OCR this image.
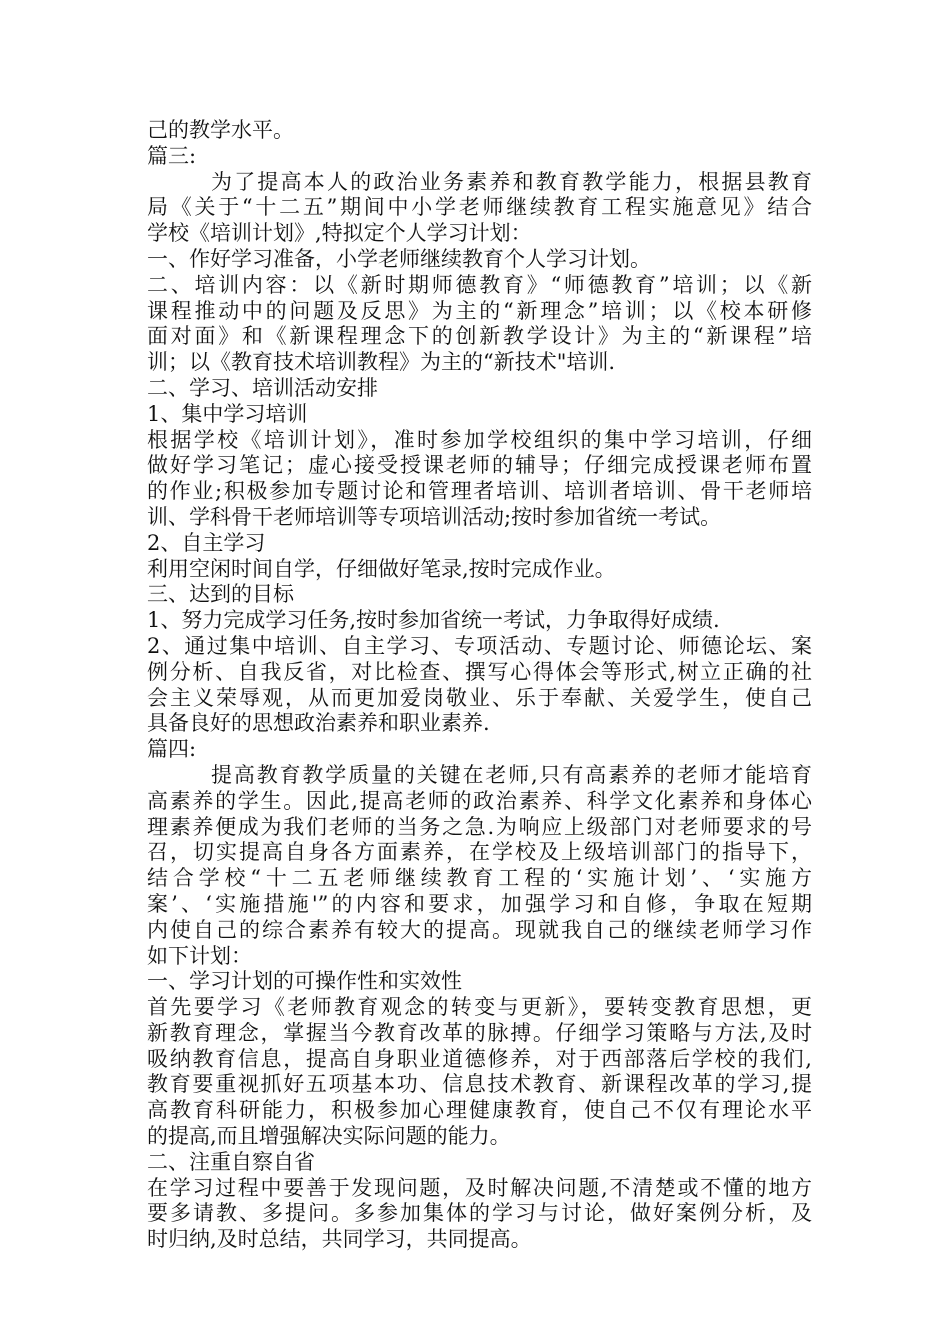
己的教学水平。
篇三:
为了提高本人的政治业务素养和教育教学能力，根据县教育
局《关于“十二五”期间中小学老师继续教育工程实施意见》结合
学校《培训计划》,特拟定个人学习计划：
一、作好学习准备，小学老师继续教育个人学习计划。
二、培训内容：以《新时期师德教育》“师德教育”培训；以《新
课程推动中的问题及反思》为主的“新理念”培训；以《校本研修
面对面》和《新课程理念下的创新教学设计》为主的“新课程”培
训；以《教育技术培训教程》为主的“新技术"培训.
二、学习、培训活动安排
1、集中学习培训
根据学校《培训计划》，准时参加学校组织的集中学习培训，仔细
做好学习笔记；虚心接受授课老师的辅导；仔细完成授课老师布置
的作业;积极参加专题讨论和管理者培训、培训者培训、骨干老师培
训、学科骨干老师培训等专项培训活动;按时参加省统一考试。
2、自主学习
利用空闲时间自学，仔细做好笔录,按时完成作业。
三、达到的目标
1、努力完成学习任务,按时参加省统一考试，力争取得好成绩.
2、通过集中培训、自主学习、专项活动、专题讨论、师德论坛、案
例分析、自我反省，对比检查、撰写心得体会等形式,树立正确的社
会主义荣辱观，从而更加爱岗敬业、乐于奉献、关爱学生，使自己
具备良好的思想政治素养和职业素养.
篇四:
提高教育教学质量的关键在老师,只有高素养的老师才能培育
高素养的学生。因此,提高老师的政治素养、科学文化素养和身体心
理素养便成为我们老师的当务之急.为响应上级部门对老师要求的号
召，切实提高自身各方面素养，在学校及上级培训部门的指导下，
结合学校“十二五老师继续教育工程的‘实施计划’、‘实施方
案’、‘实施措施'”的内容和要求，加强学习和自修，争取在短期
内使自己的综合素养有较大的提高。现就我自己的继续老师学习作
如下计划：
一、学习计划的可操作性和实效性
首先要学习《老师教育观念的转变与更新》，要转变教育思想，更
新教育理念，掌握当今教育改革的脉搏。仔细学习策略与方法,及时
吸纳教育信息，提高自身职业道德修养，对于西部落后学校的我们,
教育要重视抓好五项基本功、信息技术教育、新课程改革的学习,提
高教育科研能力，积极参加心理健康教育，使自己不仅有理论水平
的提高,而且增强解决实际问题的能力。
二、注重自察自省
在学习过程中要善于发现问题，及时解决问题,不清楚或不懂的地方
要多请教、多提问。多参加集体的学习与讨论，做好案例分析，及
时归纳,及时总结，共同学习，共同提高。
